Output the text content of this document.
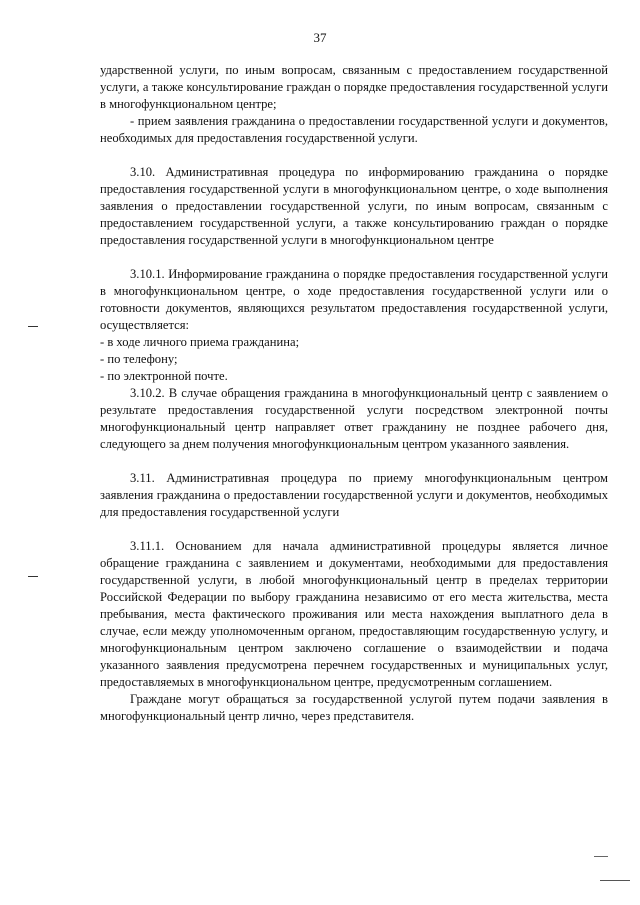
37

ударственной услуги, по иным вопросам, связанным с предоставлением государственной услуги, а также консультирование граждан о порядке предоставления государственной услуги в многофункциональном центре;

- прием заявления гражданина о предоставлении государственной услуги и документов, необходимых для предоставления государственной услуги.

3.10. Административная процедура по информированию гражданина о порядке предоставления государственной услуги в многофункциональном центре, о ходе выполнения заявления о предоставлении государственной услуги, по иным вопросам, связанным с предоставлением государственной услуги, а также консультированию граждан о порядке предоставления государственной услуги в многофункциональном центре

3.10.1. Информирование гражданина о порядке предоставления государственной услуги в многофункциональном центре, о ходе предоставления государственной услуги или о готовности документов, являющихся результатом предоставления государственной услуги, осуществляется:

- в ходе личного приема гражданина;

- по телефону;

- по электронной почте.

3.10.2. В случае обращения гражданина в многофункциональный центр с заявлением о результате предоставления государственной услуги посредством электронной почты многофункциональный центр направляет ответ гражданину не позднее рабочего дня, следующего за днем получения многофункциональным центром указанного заявления.

3.11. Административная процедура по приему многофункциональным центром заявления гражданина о предоставлении государственной услуги и документов, необходимых для предоставления государственной услуги

3.11.1. Основанием для начала административной процедуры является личное обращение гражданина с заявлением и документами, необходимыми для предоставления государственной услуги, в любой многофункциональный центр в пределах территории Российской Федерации по выбору гражданина независимо от его места жительства, места пребывания, места фактического проживания или места нахождения выплатного дела в случае, если между уполномоченным органом, предоставляющим государственную услугу, и многофункциональным центром заключено соглашение о взаимодействии и подача указанного заявления предусмотрена перечнем государственных и муниципальных услуг, предоставляемых в многофункциональном центре, предусмотренным соглашением.

Граждане могут обращаться за государственной услугой путем подачи заявления в многофункциональный центр лично, через представителя.
